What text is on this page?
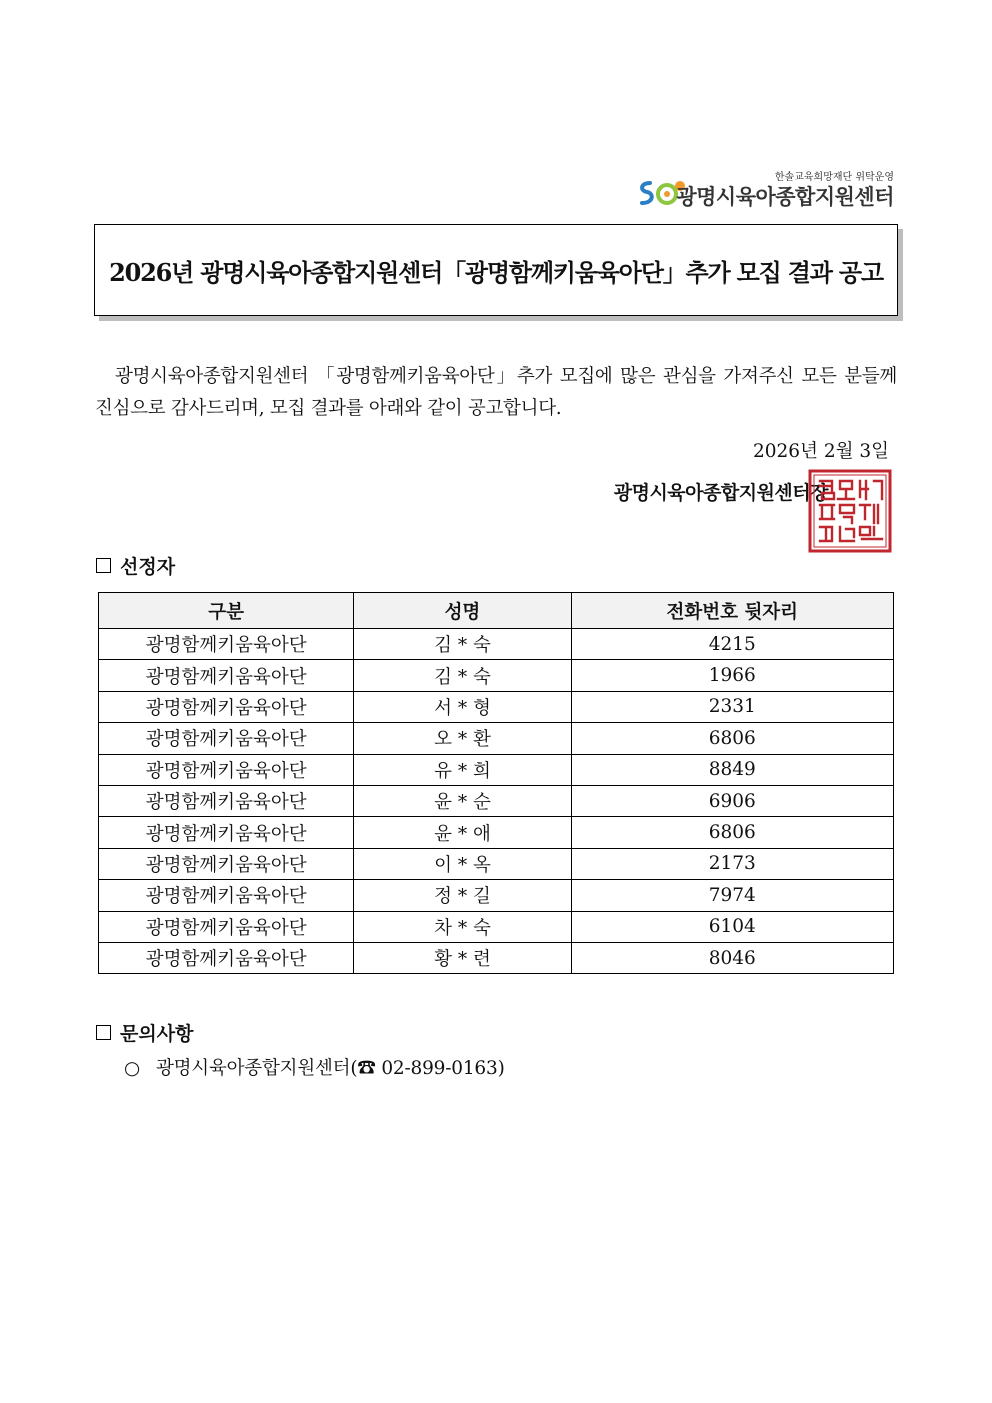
한솔교육희망재단 위탁운영
광명시육아종합지원센터
2026년 광명시육아종합지원센터「광명함께키움육아단」추가 모집 결과 공고

광명시육아종합지원센터 「광명함께키움육아단」추가 모집에 많은 관심을 가져주신 모든 분들께 진심으로 감사드리며, 모집 결과를 아래와 같이 공고합니다.

2026년 2월 3일
광명시육아종합지원센터장
선정자
구분	성명	전화번호 뒷자리
광명함께키움육아단	김 * 숙	4215
광명함께키움육아단	김 * 숙	1966
광명함께키움육아단	서 * 형	2331
광명함께키움육아단	오 * 환	6806
광명함께키움육아단	유 * 희	8849
광명함께키움육아단	윤 * 순	6906
광명함께키움육아단	윤 * 애	6806
광명함께키움육아단	이 * 옥	2173
광명함께키움육아단	정 * 길	7974
광명함께키움육아단	차 * 숙	6104
광명함께키움육아단	황 * 련	8046
문의사항
○ 광명시육아종합지원센터(☎ 02-899-0163)
